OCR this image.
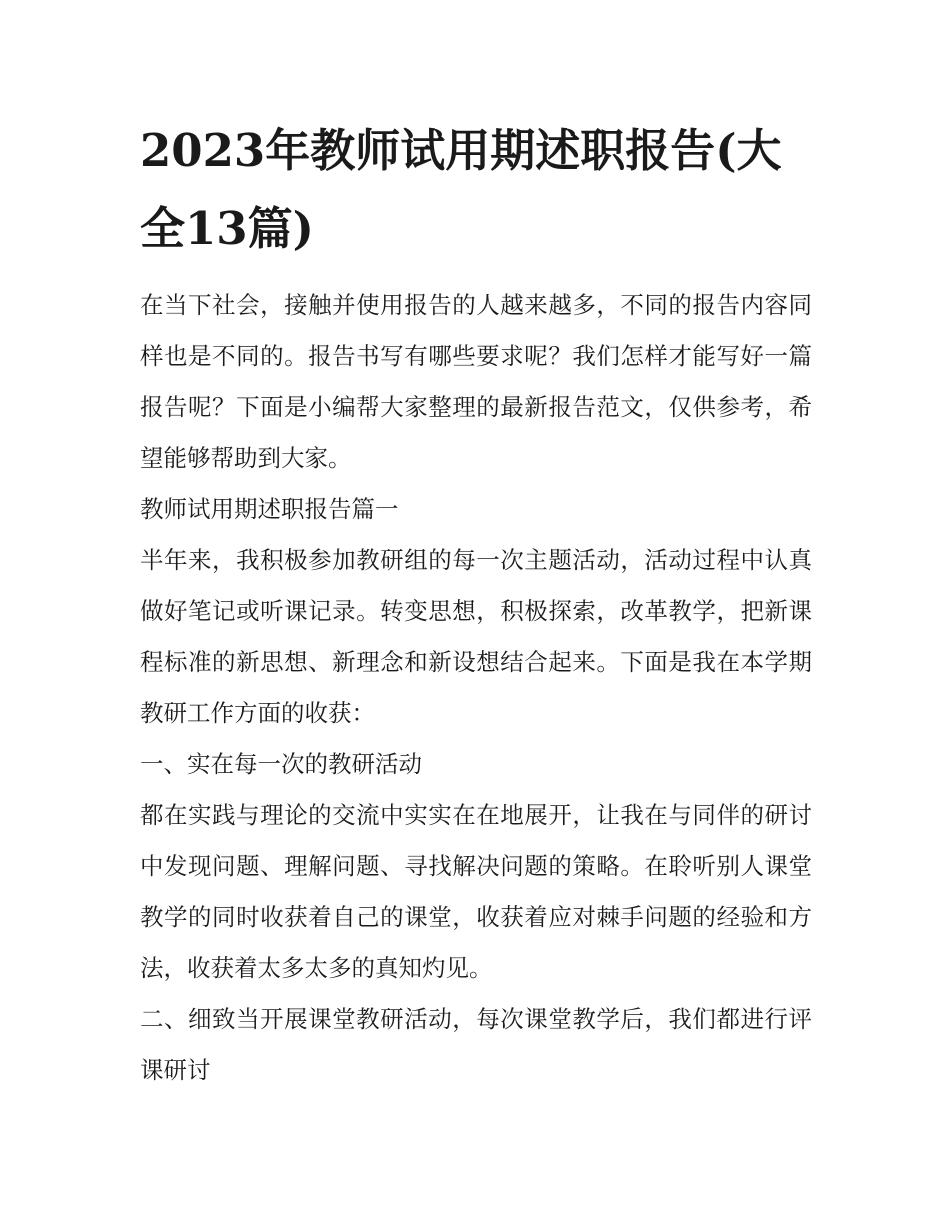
2023年教师试用期述职报告(大全13篇)

在当下社会，接触并使用报告的人越来越多，不同的报告内容同样也是不同的。报告书写有哪些要求呢？我们怎样才能写好一篇报告呢？下面是小编帮大家整理的最新报告范文，仅供参考，希望能够帮助到大家。

教师试用期述职报告篇一

半年来，我积极参加教研组的每一次主题活动，活动过程中认真做好笔记或听课记录。转变思想，积极探索，改革教学，把新课程标准的新思想、新理念和新设想结合起来。下面是我在本学期教研工作方面的收获：

一、实在每一次的教研活动

都在实践与理论的交流中实实在在地展开，让我在与同伴的研讨中发现问题、理解问题、寻找解决问题的策略。在聆听别人课堂教学的同时收获着自己的课堂，收获着应对棘手问题的经验和方法，收获着太多太多的真知灼见。

二、细致当开展课堂教研活动，每次课堂教学后，我们都进行评课研讨
